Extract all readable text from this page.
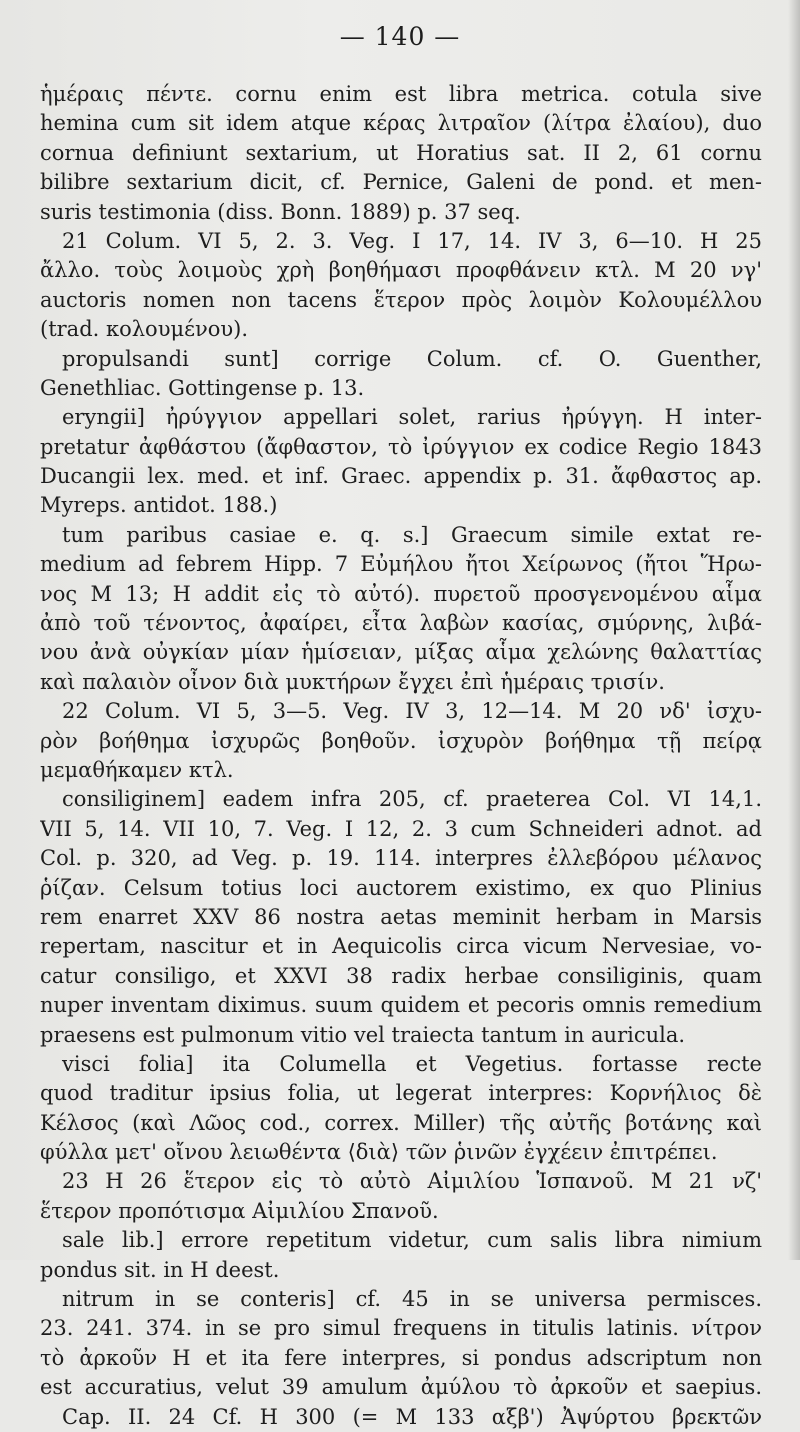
— 140 —
ἡμέραις πέντε. cornu enim est libra metrica. cotula sive
hemina cum sit idem atque κέρας λιτραῖον (λίτρα ἐλαίου), duo
cornua definiunt sextarium, ut Horatius sat. II 2, 61 cornu
bilibre sextarium dicit, cf. Pernice, Galeni de pond. et men-
suris testimonia (diss. Bonn. 1889) p. 37 seq.
21 Colum. VI 5, 2. 3. Veg. I 17, 14. IV 3, 6—10. H 25
ἄλλο. τοὺς λοιμοὺς χρὴ βοηθήμασι προφθάνειν κτλ. M 20 νγ'
auctoris nomen non tacens ἕτερον πρὸς λοιμὸν Κολουμέλλου
(trad. κολουμένου).
propulsandi sunt] corrige Colum. cf. O. Guenther,
Genethliac. Gottingense p. 13.
eryngii] ἠρύγγιον appellari solet, rarius ἠρύγγη. H inter-
pretatur ἀφθάστου (ἄφθαστον, τὸ ἰρύγγιον ex codice Regio 1843
Ducangii lex. med. et inf. Graec. appendix p. 31. ἄφθαστος ap.
Myreps. antidot. 188.)
tum paribus casiae e. q. s.] Graecum simile extat re-
medium ad febrem Hipp. 7 Εὐμήλου ἤτοι Χείρωνος (ἤτοι Ἥρω-
νος M 13; H addit εἰς τὸ αὐτό). πυρετοῦ προσγενομένου αἷμα
ἀπὸ τοῦ τένοντος, ἀφαίρει, εἶτα λαβὼν κασίας, σμύρνης, λιβά-
νου ἀνὰ οὐγκίαν μίαν ἡμίσειαν, μίξας αἷμα χελώνης θαλαττίας
καὶ παλαιὸν οἶνον διὰ μυκτήρων ἔγχει ἐπὶ ἡμέραις τρισίν.
22 Colum. VI 5, 3—5. Veg. IV 3, 12—14. M 20 νδ' ἰσχυ-
ρὸν βοήθημα ἰσχυρῶς βοηθοῦν. ἰσχυρὸν βοήθημα τῇ πείρᾳ
μεμαθήκαμεν κτλ.
consiliginem] eadem infra 205, cf. praeterea Col. VI 14,1.
VII 5, 14. VII 10, 7. Veg. I 12, 2. 3 cum Schneideri adnot. ad
Col. p. 320, ad Veg. p. 19. 114. interpres ἐλλεβόρου μέλανος
ῥίζαν. Celsum totius loci auctorem existimo, ex quo Plinius
rem enarret XXV 86 nostra aetas meminit herbam in Marsis
repertam, nascitur et in Aequicolis circa vicum Nervesiae, vo-
catur consiligo, et XXVI 38 radix herbae consiliginis, quam
nuper inventam diximus. suum quidem et pecoris omnis remedium
praesens est pulmonum vitio vel traiecta tantum in auricula.
visci folia] ita Columella et Vegetius. fortasse recte
quod traditur ipsius folia, ut legerat interpres: Κορνήλιος δὲ
Κέλσος (καὶ Λῶος cod., correx. Miller) τῆς αὐτῆς βοτάνης καὶ
φύλλα μετ' οἴνου λειωθέντα ⟨διὰ⟩ τῶν ῥινῶν ἐγχέειν ἐπιτρέπει.
23 H 26 ἕτερον εἰς τὸ αὐτὸ Αἰμιλίου Ἱσπανοῦ. M 21 νζ'
ἕτερον προπότισμα Αἰμιλίου Σπανοῦ.
sale lib.] errore repetitum videtur, cum salis libra nimium
pondus sit. in H deest.
nitrum in se conteris] cf. 45 in se universa permisces.
23. 241. 374. in se pro simul frequens in titulis latinis. νίτρον
τὸ ἀρκοῦν H et ita fere interpres, si pondus adscriptum non
est accuratius, velut 39 amulum ἀμύλου τὸ ἀρκοῦν et saepius.
Cap. II. 24 Cf. H 300 (= M 133 αξβ') Ἀψύρτου βρεκτῶν
